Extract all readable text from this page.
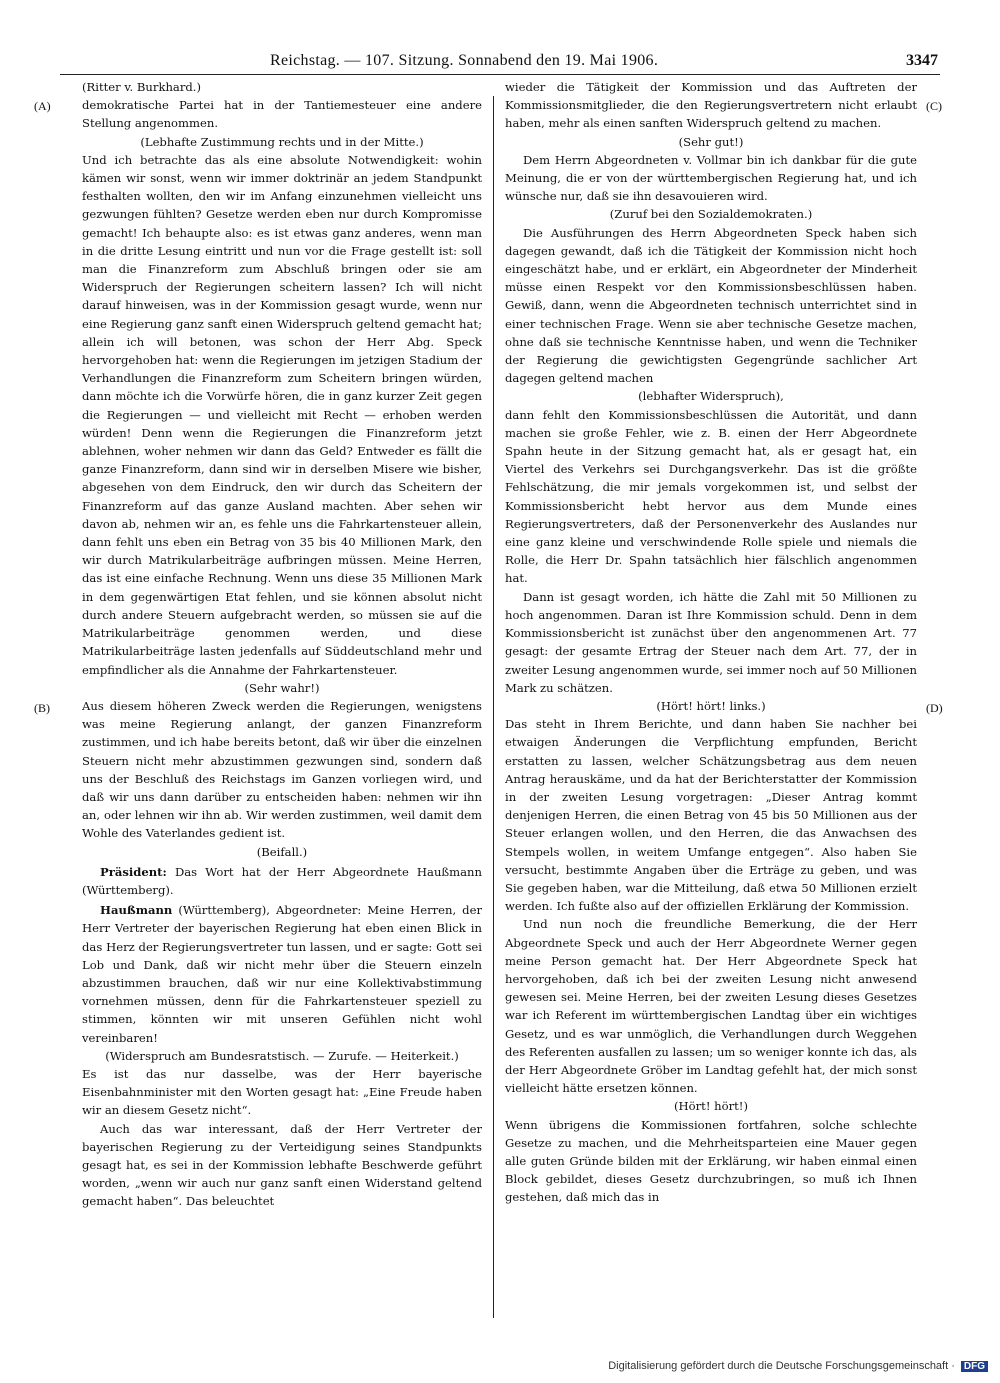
Reichstag. — 107. Sitzung. Sonnabend den 19. Mai 1906.	3347
(A)
(B)
(C)
(D)

(Ritter v. Burkhard.)

demokratische Partei hat in der Tantiemesteuer eine andere Stellung angenommen.

(Lebhafte Zustimmung rechts und in der Mitte.)

Und ich betrachte das als eine absolute Notwendigkeit: wohin kämen wir sonst, wenn wir immer doktrinär an jedem Standpunkt festhalten wollten, den wir im Anfang einzunehmen vielleicht uns gezwungen fühlten? Gesetze werden eben nur durch Kompromisse gemacht! Ich behaupte also: es ist etwas ganz anderes, wenn man in die dritte Lesung eintritt und nun vor die Frage gestellt ist: soll man die Finanzreform zum Abschluß bringen oder sie am Widerspruch der Regierungen scheitern lassen? Ich will nicht darauf hinweisen, was in der Kommission gesagt wurde, wenn nur eine Regierung ganz sanft einen Widerspruch geltend gemacht hat; allein ich will betonen, was schon der Herr Abg. Speck hervorgehoben hat: wenn die Regierungen im jetzigen Stadium der Verhandlungen die Finanzreform zum Scheitern bringen würden, dann möchte ich die Vorwürfe hören, die in ganz kurzer Zeit gegen die Regierungen — und vielleicht mit Recht — erhoben werden würden! Denn wenn die Regierungen die Finanzreform jetzt ablehnen, woher nehmen wir dann das Geld? Entweder es fällt die ganze Finanzreform, dann sind wir in derselben Misere wie bisher, abgesehen von dem Eindruck, den wir durch das Scheitern der Finanzreform auf das ganze Ausland machten. Aber sehen wir davon ab, nehmen wir an, es fehle uns die Fahrkartensteuer allein, dann fehlt uns eben ein Betrag von 35 bis 40 Millionen Mark, den wir durch Matrikularbeiträge aufbringen müssen. Meine Herren, das ist eine einfache Rechnung. Wenn uns diese 35 Millionen Mark in dem gegenwärtigen Etat fehlen, und sie können absolut nicht durch andere Steuern aufgebracht werden, so müssen sie auf die Matrikularbeiträge genommen werden, und diese Matrikularbeiträge lasten jedenfalls auf Süddeutschland mehr und empfindlicher als die Annahme der Fahrkartensteuer.

(Sehr wahr!)

Aus diesem höheren Zweck werden die Regierungen, wenigstens was meine Regierung anlangt, der ganzen Finanzreform zustimmen, und ich habe bereits betont, daß wir über die einzelnen Steuern nicht mehr abzustimmen gezwungen sind, sondern daß uns der Beschluß des Reichstags im Ganzen vorliegen wird, und daß wir uns dann darüber zu entscheiden haben: nehmen wir ihn an, oder lehnen wir ihn ab. Wir werden zustimmen, weil damit dem Wohle des Vaterlandes gedient ist.

(Beifall.)

Präsident: Das Wort hat der Herr Abgeordnete Haußmann (Württemberg).

Haußmann (Württemberg), Abgeordneter: Meine Herren, der Herr Vertreter der bayerischen Regierung hat eben einen Blick in das Herz der Regierungsvertreter tun lassen, und er sagte: Gott sei Lob und Dank, daß wir nicht mehr über die Steuern einzeln abzustimmen brauchen, daß wir nur eine Kollektivabstimmung vornehmen müssen, denn für die Fahrkartensteuer speziell zu stimmen, könnten wir mit unseren Gefühlen nicht wohl vereinbaren!

(Widerspruch am Bundesratstisch. — Zurufe. — Heiterkeit.)

Es ist das nur dasselbe, was der Herr bayerische Eisenbahnminister mit den Worten gesagt hat: „Eine Freude haben wir an diesem Gesetz nicht“.

Auch das war interessant, daß der Herr Vertreter der bayerischen Regierung zu der Verteidigung seines Standpunkts gesagt hat, es sei in der Kommission lebhafte Beschwerde geführt worden, „wenn wir auch nur ganz sanft einen Widerstand geltend gemacht haben“. Das beleuchtet

wieder die Tätigkeit der Kommission und das Auftreten der Kommissionsmitglieder, die den Regierungsvertretern nicht erlaubt haben, mehr als einen sanften Widerspruch geltend zu machen.

(Sehr gut!)

Dem Herrn Abgeordneten v. Vollmar bin ich dankbar für die gute Meinung, die er von der württembergischen Regierung hat, und ich wünsche nur, daß sie ihn desavouieren wird.

(Zuruf bei den Sozialdemokraten.)

Die Ausführungen des Herrn Abgeordneten Speck haben sich dagegen gewandt, daß ich die Tätigkeit der Kommission nicht hoch eingeschätzt habe, und er erklärt, ein Abgeordneter der Minderheit müsse einen Respekt vor den Kommissionsbeschlüssen haben. Gewiß, dann, wenn die Abgeordneten technisch unterrichtet sind in einer technischen Frage. Wenn sie aber technische Gesetze machen, ohne daß sie technische Kenntnisse haben, und wenn die Techniker der Regierung die gewichtigsten Gegengründe sachlicher Art dagegen geltend machen

(lebhafter Widerspruch),

dann fehlt den Kommissionsbeschlüssen die Autorität, und dann machen sie große Fehler, wie z. B. einen der Herr Abgeordnete Spahn heute in der Sitzung gemacht hat, als er gesagt hat, ein Viertel des Verkehrs sei Durchgangsverkehr. Das ist die größte Fehlschätzung, die mir jemals vorgekommen ist, und selbst der Kommissionsbericht hebt hervor aus dem Munde eines Regierungsvertreters, daß der Personenverkehr des Auslandes nur eine ganz kleine und verschwindende Rolle spiele und niemals die Rolle, die Herr Dr. Spahn tatsächlich hier fälschlich angenommen hat.

Dann ist gesagt worden, ich hätte die Zahl mit 50 Millionen zu hoch angenommen. Daran ist Ihre Kommission schuld. Denn in dem Kommissionsbericht ist zunächst über den angenommenen Art. 77 gesagt: der gesamte Ertrag der Steuer nach dem Art. 77, der in zweiter Lesung angenommen wurde, sei immer noch auf 50 Millionen Mark zu schätzen.

(Hört! hört! links.)

Das steht in Ihrem Berichte, und dann haben Sie nachher bei etwaigen Änderungen die Verpflichtung empfunden, Bericht erstatten zu lassen, welcher Schätzungsbetrag aus dem neuen Antrag herauskäme, und da hat der Berichterstatter der Kommission in der zweiten Lesung vorgetragen: „Dieser Antrag kommt denjenigen Herren, die einen Betrag von 45 bis 50 Millionen aus der Steuer erlangen wollen, und den Herren, die das Anwachsen des Stempels wollen, in weitem Umfange entgegen“. Also haben Sie versucht, bestimmte Angaben über die Erträge zu geben, und was Sie gegeben haben, war die Mitteilung, daß etwa 50 Millionen erzielt werden. Ich fußte also auf der offiziellen Erklärung der Kommission.

Und nun noch die freundliche Bemerkung, die der Herr Abgeordnete Speck und auch der Herr Abgeordnete Werner gegen meine Person gemacht hat. Der Herr Abgeordnete Speck hat hervorgehoben, daß ich bei der zweiten Lesung nicht anwesend gewesen sei. Meine Herren, bei der zweiten Lesung dieses Gesetzes war ich Referent im württembergischen Landtag über ein wichtiges Gesetz, und es war unmöglich, die Verhandlungen durch Weggehen des Referenten ausfallen zu lassen; um so weniger konnte ich das, als der Herr Abgeordnete Gröber im Landtag gefehlt hat, der mich sonst vielleicht hätte ersetzen können.

(Hört! hört!)

Wenn übrigens die Kommissionen fortfahren, solche schlechte Gesetze zu machen, und die Mehrheitsparteien eine Mauer gegen alle guten Gründe bilden mit der Erklärung, wir haben einmal einen Block gebildet, dieses Gesetz durchzubringen, so muß ich Ihnen gestehen, daß mich das in

Digitalisierung gefördert durch die Deutsche Forschungsgemeinschaft · DFG
